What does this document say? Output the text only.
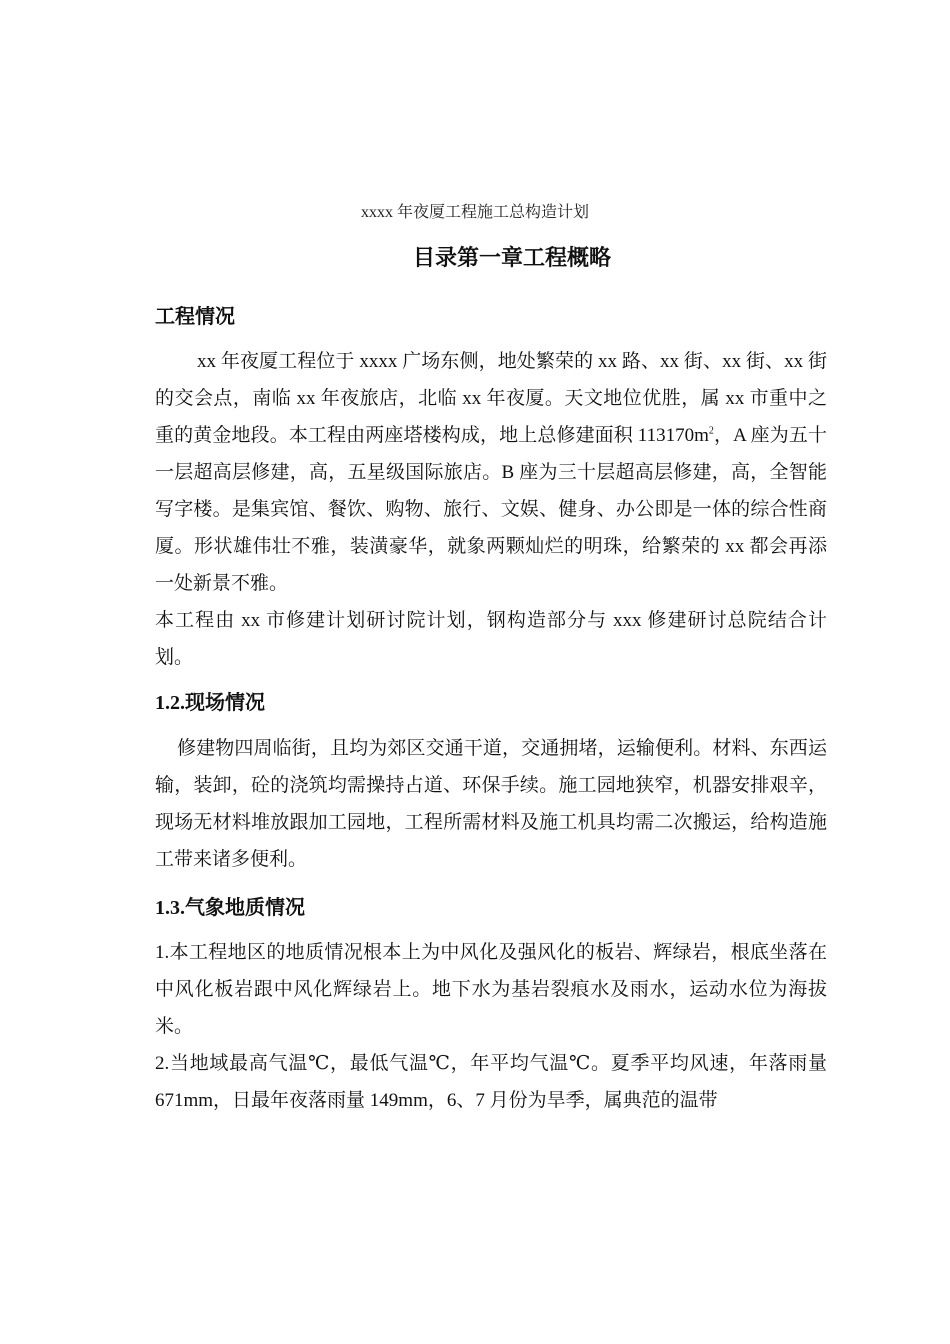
xxxx 年夜厦工程施工总构造计划
目录第一章工程概略
工程情况

xx 年夜厦工程位于 xxxx 广场东侧，地处繁荣的 xx 路、xx 街、xx 街、xx 街的交会点，南临 xx 年夜旅店，北临 xx 年夜厦。天文地位优胜，属 xx 市重中之重的黄金地段。本工程由两座塔楼构成，地上总修建面积 $113170m^2$，A 座为五十一层超高层修建，高，五星级国际旅店。B 座为三十层超高层修建，高，全智能写字楼。是集宾馆、餐饮、购物、旅行、文娱、健身、办公即是一体的综合性商厦。形状雄伟壮不雅，装潢豪华，就象两颗灿烂的明珠，给繁荣的 xx 都会再添一处新景不雅。

本工程由 xx 市修建计划研讨院计划，钢构造部分与 xxx 修建研讨总院结合计划。

1.2.现场情况

修建物四周临街，且均为郊区交通干道，交通拥堵，运输便利。材料、东西运输，装卸，砼的浇筑均需操持占道、环保手续。施工园地狭窄，机器安排艰辛，现场无材料堆放跟加工园地，工程所需材料及施工机具均需二次搬运，给构造施工带来诸多便利。

1.3.气象地质情况

1.本工程地区的地质情况根本上为中风化及强风化的板岩、辉绿岩，根底坐落在中风化板岩跟中风化辉绿岩上。地下水为基岩裂痕水及雨水，运动水位为海拔米。

2.当地域最高气温℃，最低气温℃，年平均气温℃。夏季平均风速，年落雨量 671mm，日最年夜落雨量 149mm，6、7 月份为旱季，属典范的温带
